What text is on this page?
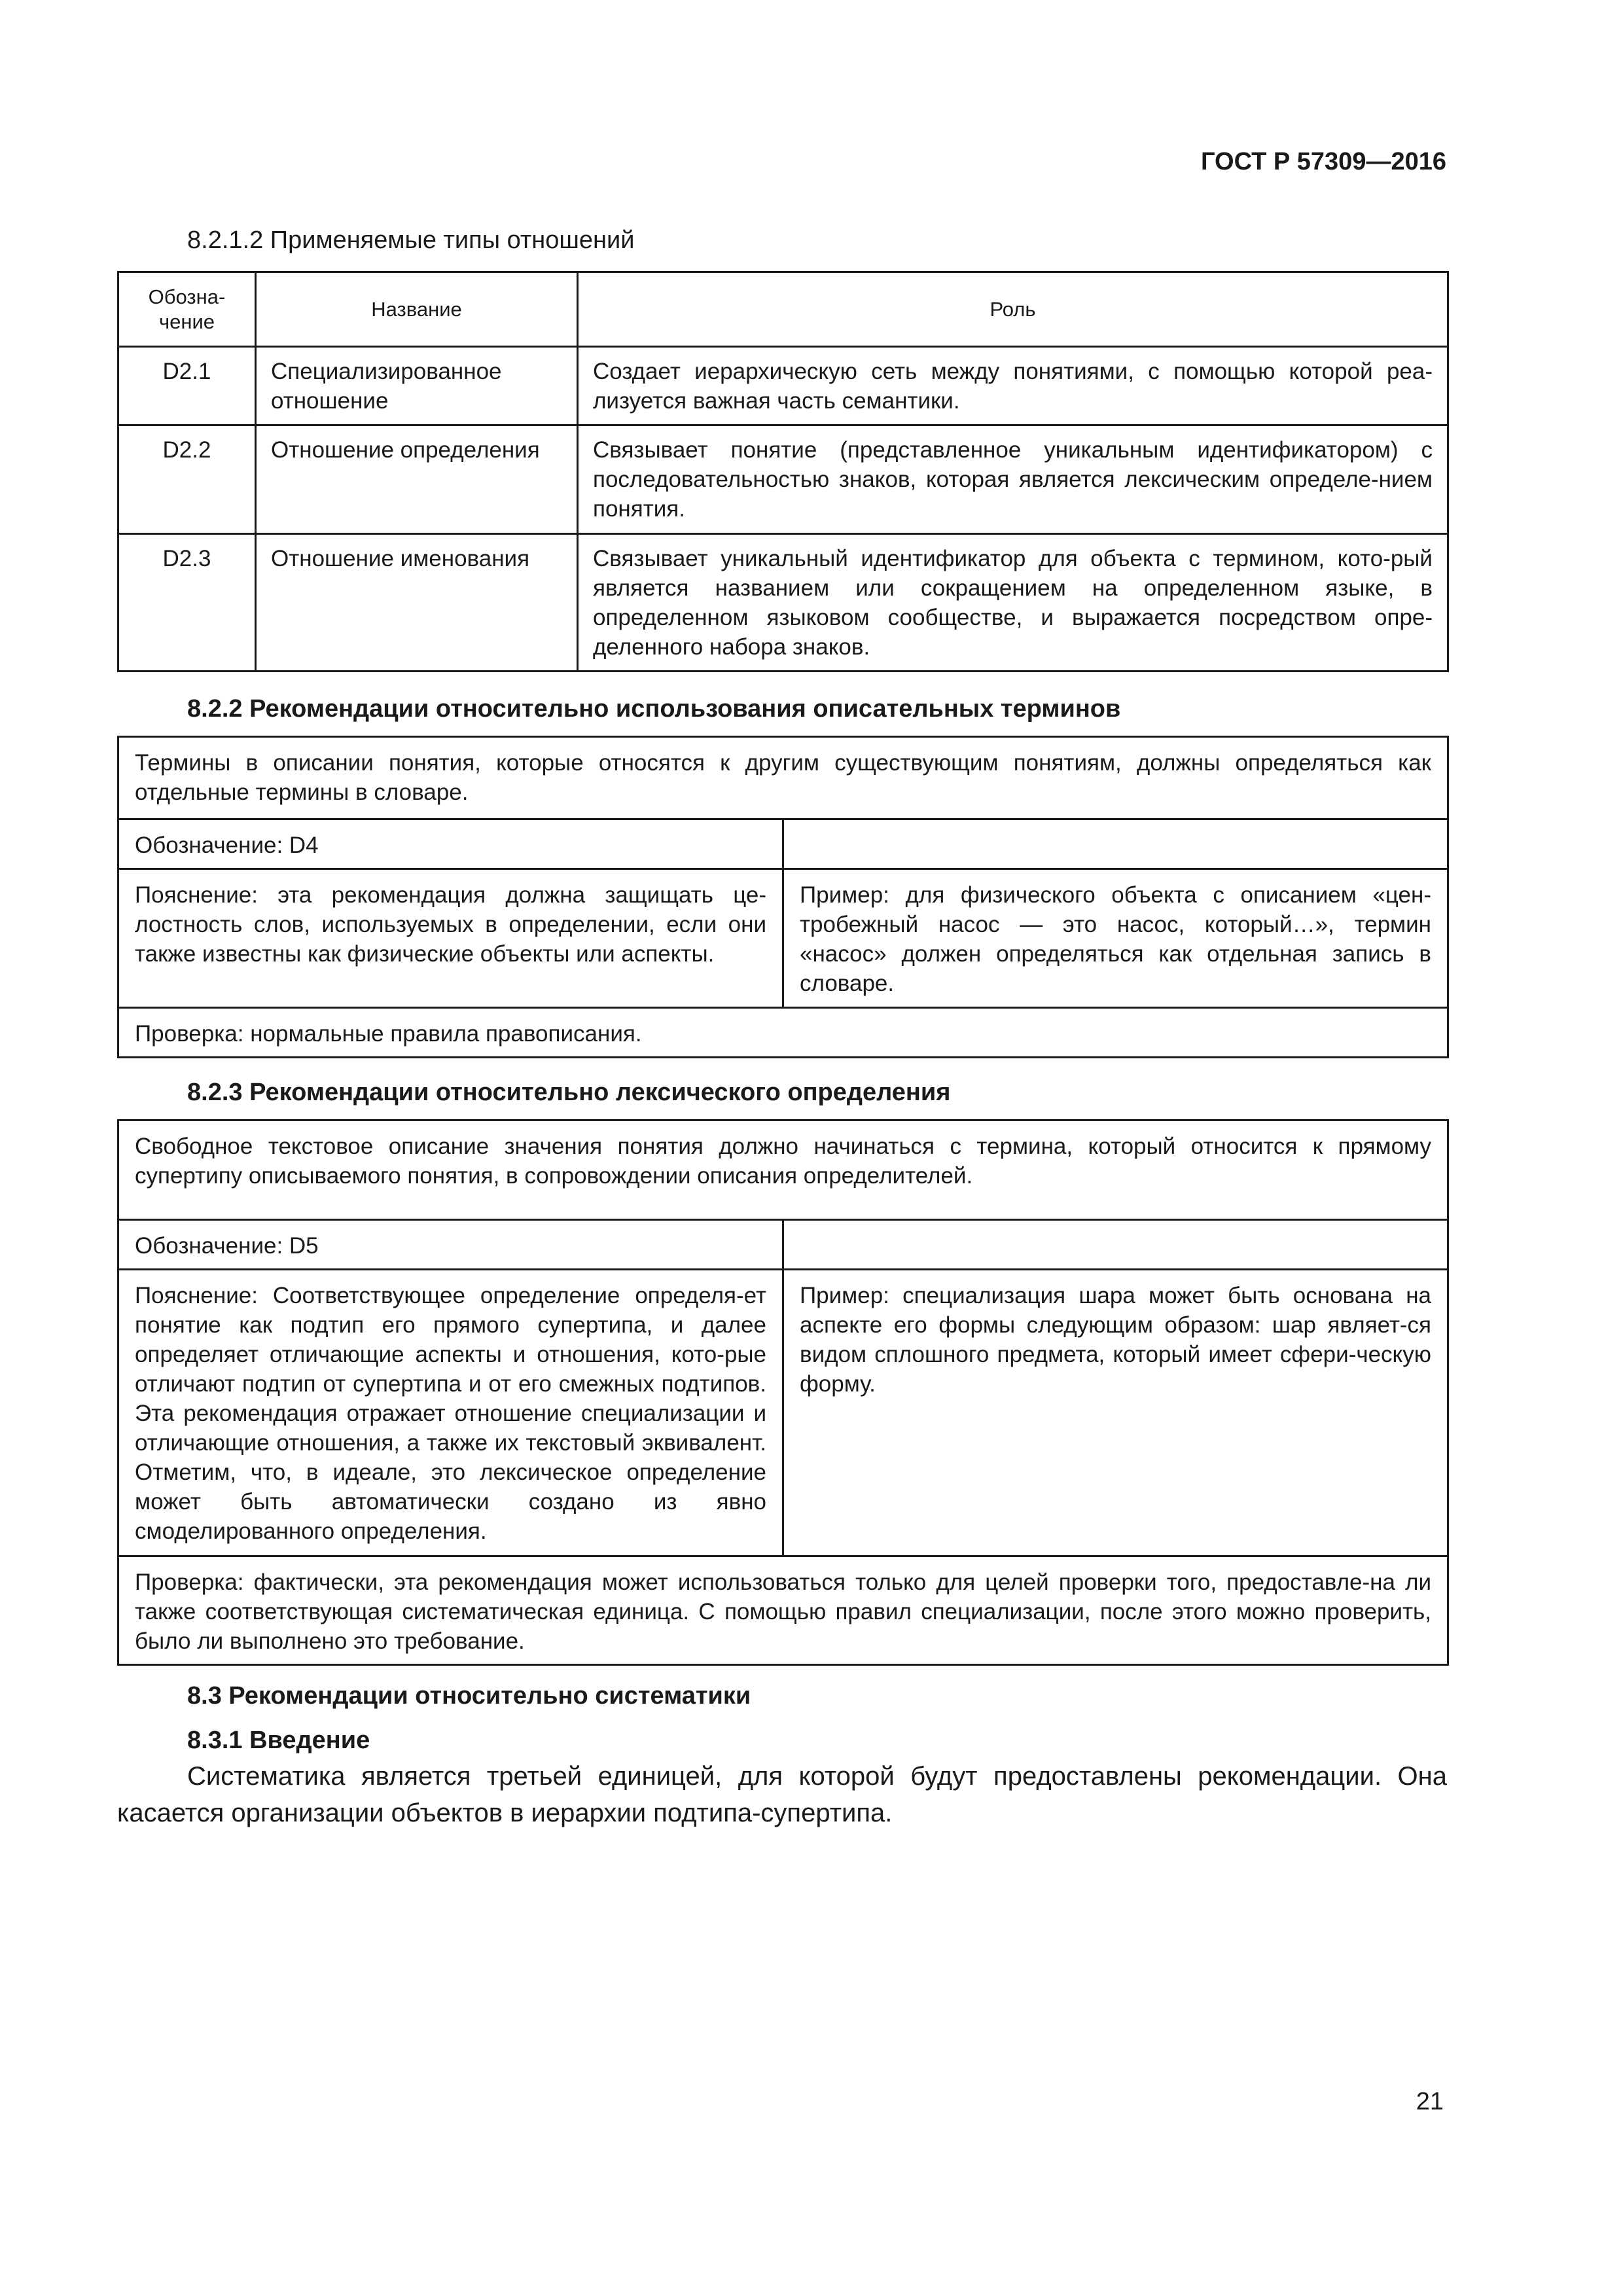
ГОСТ Р 57309—2016
8.2.1.2 Применяемые типы отношений
Обозна-
чение	Название	Роль
D2.1	Специализированное отношение	Создает иерархическую сеть между понятиями, с помощью которой реа-лизуется важная часть семантики.
D2.2	Отношение определения	Связывает понятие (представленное уникальным идентификатором) с последовательностью знаков, которая является лексическим определе-нием понятия.
D2.3	Отношение именования	Связывает уникальный идентификатор для объекта с термином, кото-рый является названием или сокращением на определенном языке, в определенном языковом сообществе, и выражается посредством опре-деленного набора знаков.
8.2.2 Рекомендации относительно использования описательных терминов
Термины в описании понятия, которые относятся к другим существующим понятиям, должны определяться как отдельные термины в словаре.	
Обозначение: D4	
Пояснение: эта рекомендация должна защищать це-лостность слов, используемых в определении, если они также известны как физические объекты или аспекты.	Пример: для физического объекта с описанием «цен-тробежный насос — это насос, который…», термин «насос» должен определяться как отдельная запись в словаре.
Проверка: нормальные правила правописания.	
8.2.3 Рекомендации относительно лексического определения
Свободное текстовое описание значения понятия должно начинаться с термина, который относится к прямому супертипу описываемого понятия, в сопровождении описания определителей.	
Обозначение: D5	
Пояснение: Соответствующее определение определя-ет понятие как подтип его прямого супертипа, и далее определяет отличающие аспекты и отношения, кото-рые отличают подтип от супертипа и от его смежных подтипов. Эта рекомендация отражает отношение специализации и отличающие отношения, а также их текстовый эквивалент. Отметим, что, в идеале, это лексическое определение может быть автоматически создано из явно смоделированного определения.	Пример: специализация шара может быть основана на аспекте его формы следующим образом: шар являет-ся видом сплошного предмета, который имеет сфери-ческую форму.
Проверка: фактически, эта рекомендация может использоваться только для целей проверки того, предоставле-на ли также соответствующая систематическая единица. С помощью правил специализации, после этого можно проверить, было ли выполнено это требование.	
8.3 Рекомендации относительно систематики
8.3.1 Введение
Систематика является третьей единицей, для которой будут предоставлены рекомендации. Она касается организации объектов в иерархии подтипа-супертипа.
21
